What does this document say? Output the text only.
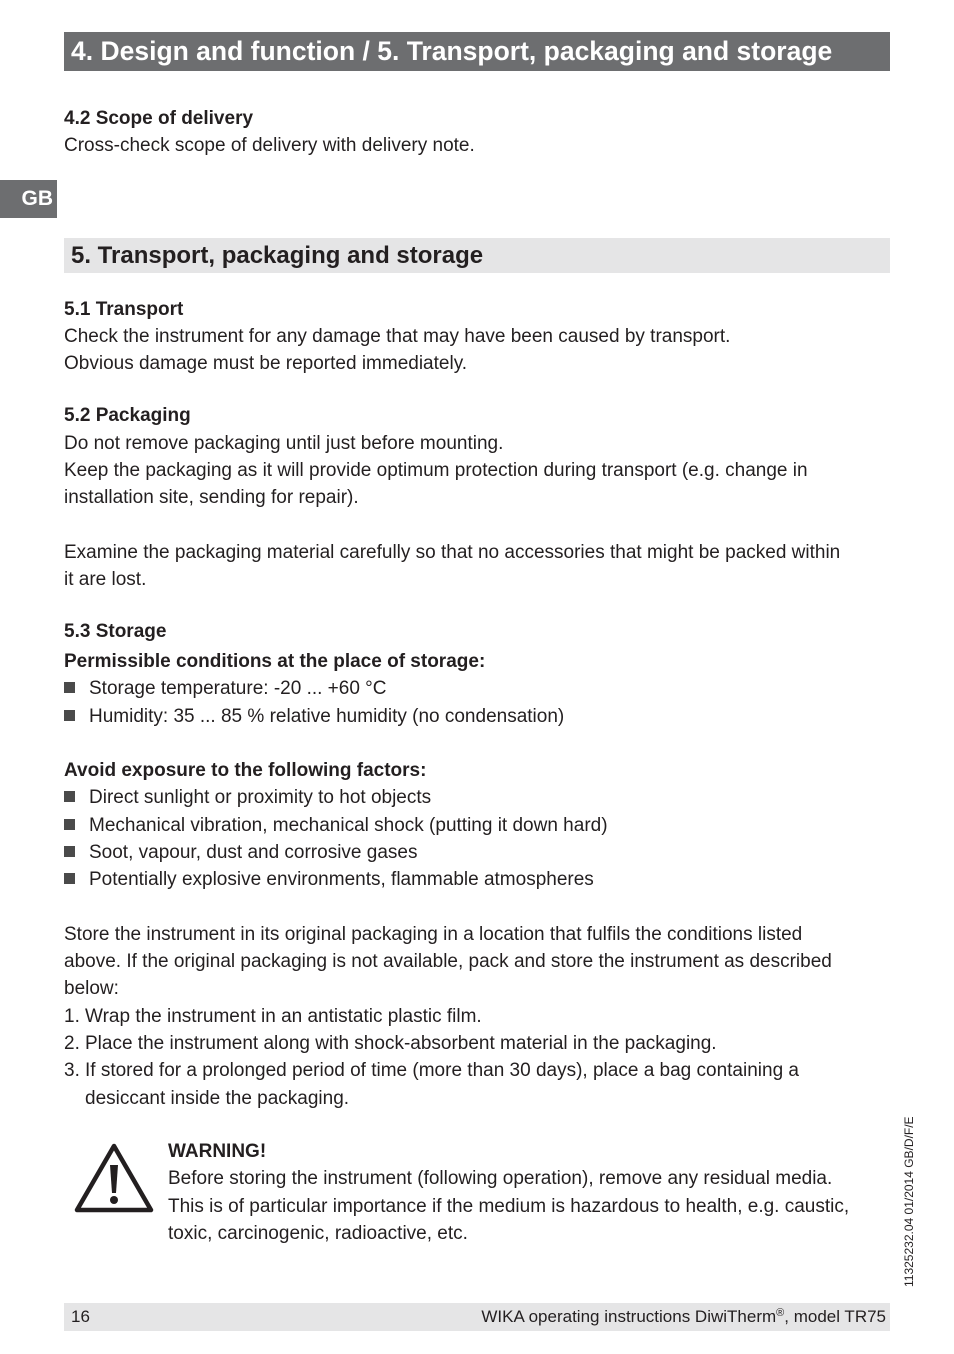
4. Design and function / 5. Transport, packaging and storage
GB
4.2 Scope of delivery
Cross-check scope of delivery with delivery note.
5. Transport, packaging and storage
5.1 Transport
Check the instrument for any damage that may have been caused by transport.
Obvious damage must be reported immediately.
5.2 Packaging
Do not remove packaging until just before mounting.
Keep the packaging as it will provide optimum protection during transport (e.g. change in
installation site, sending for repair).
Examine the packaging material carefully so that no accessories that might be packed within
it are lost.
5.3 Storage
Permissible conditions at the place of storage:
Storage temperature: -20 ... +60 °C
Humidity: 35 ... 85 % relative humidity (no condensation)
Avoid exposure to the following factors:
Direct sunlight or proximity to hot objects
Mechanical vibration, mechanical shock (putting it down hard)
Soot, vapour, dust and corrosive gases
Potentially explosive environments, flammable atmospheres
Store the instrument in its original packaging in a location that fulfils the conditions listed
above. If the original packaging is not available, pack and store the instrument as described
below:
1. Wrap the instrument in an antistatic plastic film.
2. Place the instrument along with shock-absorbent material in the packaging.
3. If stored for a prolonged period of time (more than 30 days), place a bag containing a
desiccant inside the packaging.
WARNING!
Before storing the instrument (following operation), remove any residual media.
This is of particular importance if the medium is hazardous to health, e.g. caustic,
toxic, carcinogenic, radioactive, etc.	11325232.04 01/2014 GB/D/F/E
16	WIKA operating instructions DiwiTherm®, model TR75
